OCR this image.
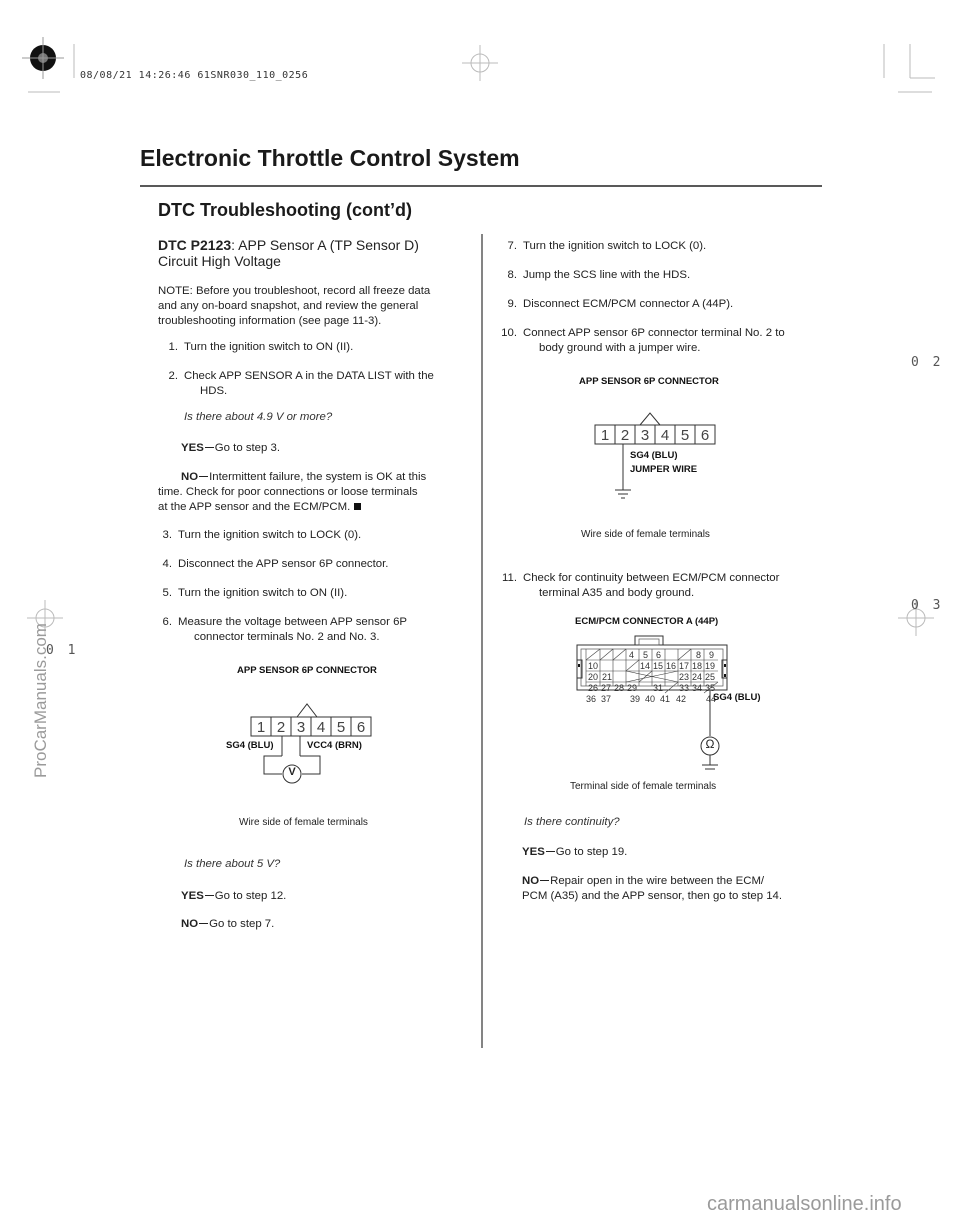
08/08/21 14:26:46 61SNR030_110_0256
ProCarManuals.com
0 2
0 3
0 1
carmanualsonline.info
Electronic Throttle Control System
DTC Troubleshooting (cont’d)
DTC P2123: APP Sensor A (TP Sensor D)
Circuit High Voltage
NOTE: Before you troubleshoot, record all freeze data
and any on-board snapshot, and review the general
troubleshooting information (see page 11-3).
1. Turn the ignition switch to ON (II).
2. Check APP SENSOR A in the DATA LIST with the
HDS.
Is there about 4.9 V or more?
YES Go to step 3.
NO Intermittent failure, the system is OK at this
time. Check for poor connections or loose terminals
at the APP sensor and the ECM/PCM.
3. Turn the ignition switch to LOCK (0).
4. Disconnect the APP sensor 6P connector.
5. Turn the ignition switch to ON (II).
6. Measure the voltage between APP sensor 6P
connector terminals No. 2 and No. 3.
APP SENSOR 6P CONNECTOR
1 2 3 4 5 6
SG4 (BLU)	VCC4 (BRN)
V
Wire side of female terminals
Is there about 5 V?
YES Go to step 12.
NO Go to step 7.
7. Turn the ignition switch to LOCK (0).
8. Jump the SCS line with the HDS.
9. Disconnect ECM/PCM connector A (44P).
10. Connect APP sensor 6P connector terminal No. 2 to
body ground with a jumper wire.
APP SENSOR 6P CONNECTOR
1 2 3 4 5 6
SG4 (BLU)
JUMPER WIRE
Wire side of female terminals
11. Check for continuity between ECM/PCM connector
terminal A35 and body ground.
ECM/PCM CONNECTOR A (44P)
4 5 6	8 9
10	14 15 16 17 18 19
20 21	23 24 25
26 27 28 29 31 33 34 35
36 37 39 40 41 42 44
SG4 (BLU)
Ω
Terminal side of female terminals
Is there continuity?
YES Go to step 19.
NO Repair open in the wire between the ECM/
PCM (A35) and the APP sensor, then go to step 14.
